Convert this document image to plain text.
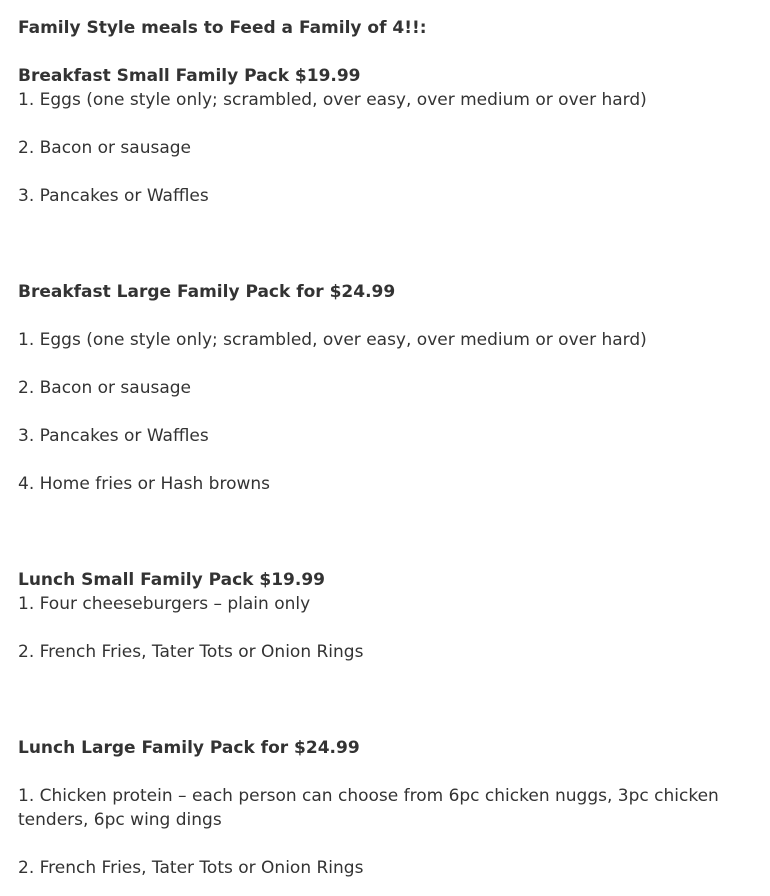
Family Style meals to Feed a Family of 4!!:

Breakfast Small Family Pack $19.99

1. Eggs (one style only; scrambled, over easy, over medium or over hard)

2. Bacon or sausage

3. Pancakes or Waffles

Breakfast Large Family Pack for $24.99

1. Eggs (one style only; scrambled, over easy, over medium or over hard)

2. Bacon or sausage

3. Pancakes or Waffles

4. Home fries or Hash browns

Lunch Small Family Pack $19.99

1. Four cheeseburgers – plain only

2. French Fries, Tater Tots or Onion Rings

Lunch Large Family Pack for $24.99

1. Chicken protein – each person can choose from 6pc chicken nuggs, 3pc chicken tenders, 6pc wing dings

2. French Fries, Tater Tots or Onion Rings
